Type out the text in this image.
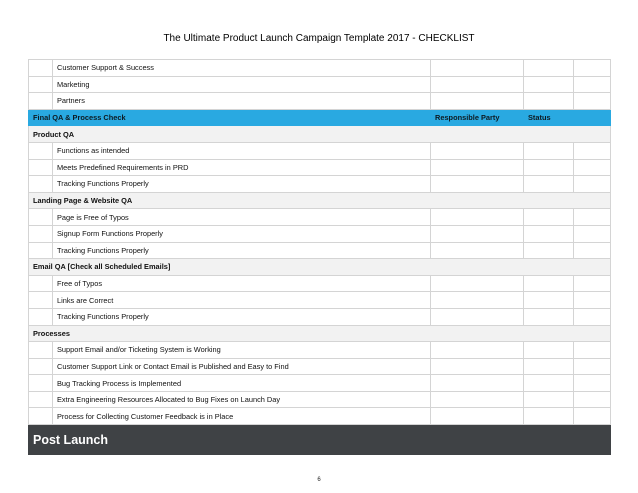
The Ultimate Product Launch Campaign Template 2017 - CHECKLIST
	Customer Support & Success			
	Marketing			
	Partners			
Final QA & Process Check		Responsible Party	Status	
Product QA				
	Functions as intended			
	Meets Predefined Requirements in PRD			
	Tracking Functions Properly			
Landing Page & Website QA				
	Page is Free of Typos			
	Signup Form Functions Properly			
	Tracking Functions Properly			
Email QA [Check all Scheduled Emails]				
	Free of Typos			
	Links are Correct			
	Tracking Functions Properly			
Processes				
	Support Email and/or Ticketing System is Working			
	Customer Support Link or Contact Email is Published and Easy to Find			
	Bug Tracking Process is Implemented			
	Extra Engineering Resources Allocated to Bug Fixes on Launch Day			
	Process for Collecting Customer Feedback is in Place			
Post Launch				
6
